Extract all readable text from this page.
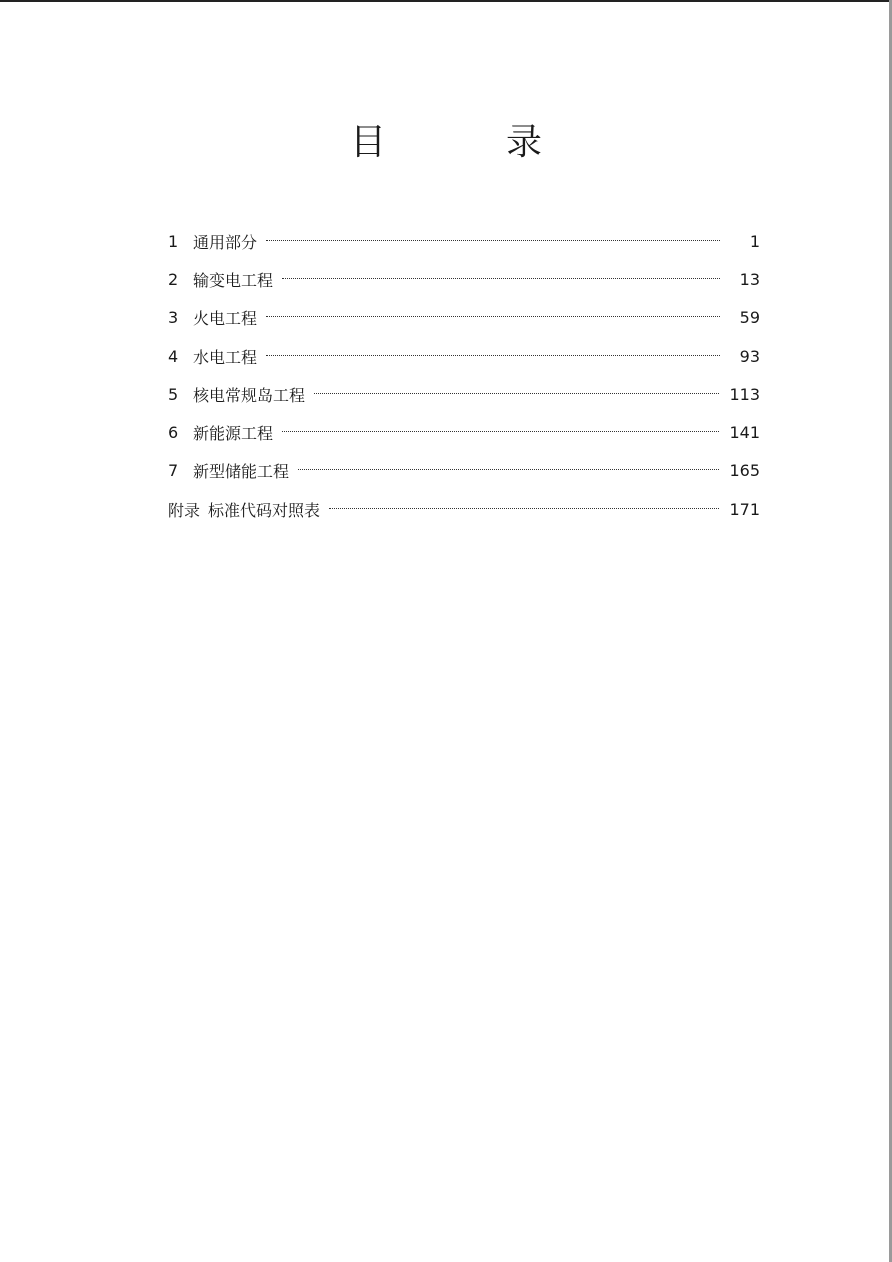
目　录
1 通用部分	1
2 输变电工程	13
3 火电工程	59
4 水电工程	93
5 核电常规岛工程	113
6 新能源工程	141
7 新型储能工程	165
附录 标准代码对照表	171
